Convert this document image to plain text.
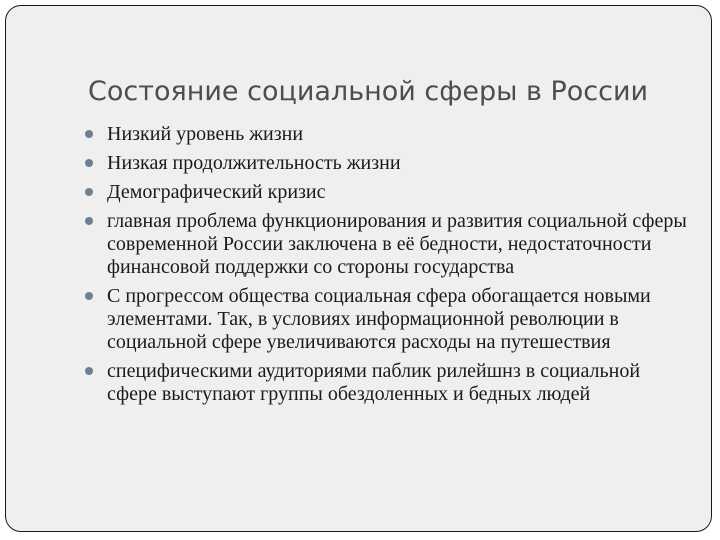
Состояние социальной сферы в России
Низкий уровень жизни
Низкая продолжительность жизни
Демографический кризис
главная проблема функционирования и развития социальной сферы современной России заключена в её бедности, недостаточности финансовой поддержки со стороны государства
С прогрессом общества социальная сфера обогащается новыми элементами. Так, в условиях информационной революции в социальной сфере увеличиваются расходы на путешествия
специфическими аудиториями паблик рилейшнз в социальной сфере выступают группы обездоленных и бедных людей
